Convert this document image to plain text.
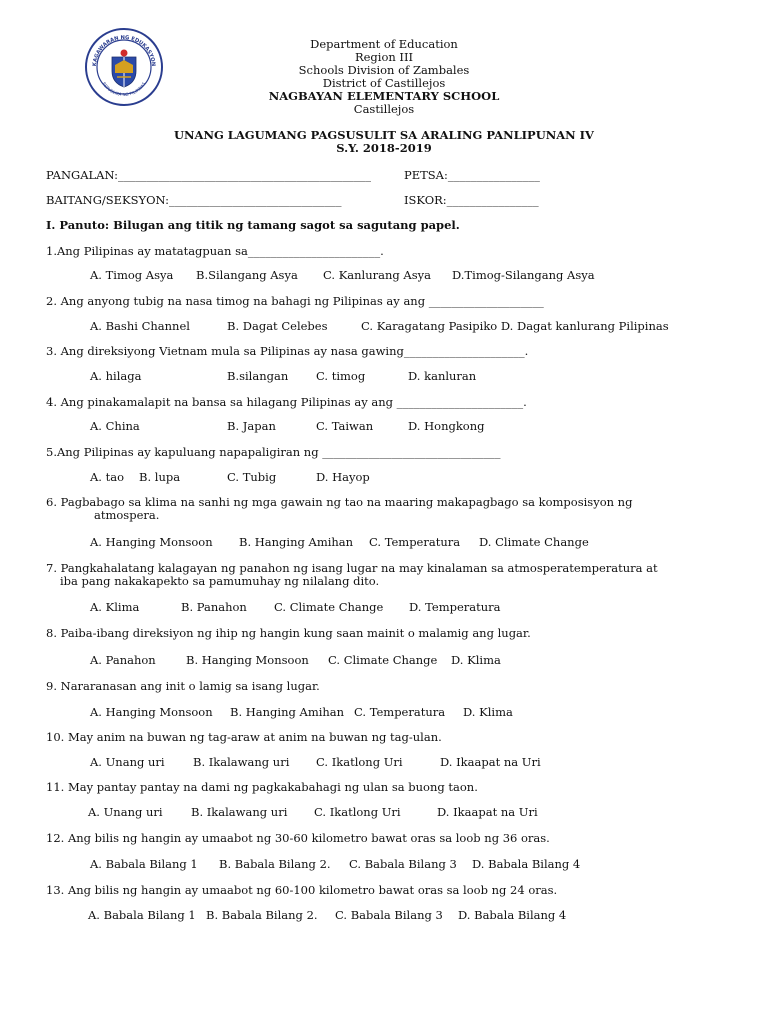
KAGAWARAN NG EDUKASYON
REPUBLIKA NG PILIPINAS
Department of Education
Region III
Schools Division of Zambales
District of Castillejos
NAGBAYAN ELEMENTARY SCHOOL
Castillejos
UNANG LAGUMANG PAGSUSULIT SA ARALING PANLIPUNAN IV
S.Y. 2018-2019
PANGALAN:____________________________________________	PETSA:________________
BAITANG/SEKSYON:______________________________	ISKOR:________________
I. Panuto: Bilugan ang titik ng tamang sagot sa sagutang papel.
1.Ang Pilipinas ay matatagpuan sa_______________________.
A. Timog Asya B.Silangang Asya C. Kanlurang Asya D.Timog-Silangang Asya
2. Ang anyong tubig na nasa timog na bahagi ng Pilipinas ay ang ____________________
A. Bashi Channel	B. Dagat Celebes	C. Karagatang Pasipiko D. Dagat kanlurang Pilipinas
3. Ang direksiyong Vietnam mula sa Pilipinas ay nasa gawing_____________________.
A. hilaga	B.silangan C. timog	D. kanluran
4. Ang pinakamalapit na bansa sa hilagang Pilipinas ay ang ______________________.
A. China	B. Japan	C. Taiwan	D. Hongkong
5.Ang Pilipinas ay kapuluang napapaligiran ng _______________________________
A. tao B. lupa	C. Tubig	D. Hayop
6. Pagbabago sa klima na sanhi ng mga gawain ng tao na maaring makapagbago sa komposisyon ng
atmospera.
A. Hanging Monsoon B. Hanging Amihan C. Temperatura D. Climate Change
7. Pangkahalatang kalagayan ng panahon ng isang lugar na may kinalaman sa atmosperatemperatura at
iba pang nakakapekto sa pamumuhay ng nilalang dito.
A. Klima	B. Panahon C. Climate Change D. Temperatura
8. Paiba-ibang direksiyon ng ihip ng hangin kung saan mainit o malamig ang lugar.
A. Panahon	B. Hanging Monsoon C. Climate Change D. Klima
9. Nararanasan ang init o lamig sa isang lugar.
A. Hanging Monsoon B. Hanging Amihan C. Temperatura D. Klima
10. May anim na buwan ng tag-araw at anim na buwan ng tag-ulan.
A. Unang uri B. Ikalawang uri C. Ikatlong Uri	D. Ikaapat na Uri
11. May pantay pantay na dami ng pagkakabahagi ng ulan sa buong taon.
A. Unang uri B. Ikalawang uri C. Ikatlong Uri	D. Ikaapat na Uri
12. Ang bilis ng hangin ay umaabot ng 30-60 kilometro bawat oras sa loob ng 36 oras.
A. Babala Bilang 1 B. Babala Bilang 2. C. Babala Bilang 3 D. Babala Bilang 4
13. Ang bilis ng hangin ay umaabot ng 60-100 kilometro bawat oras sa loob ng 24 oras.
A. Babala Bilang 1 B. Babala Bilang 2. C. Babala Bilang 3 D. Babala Bilang 4
